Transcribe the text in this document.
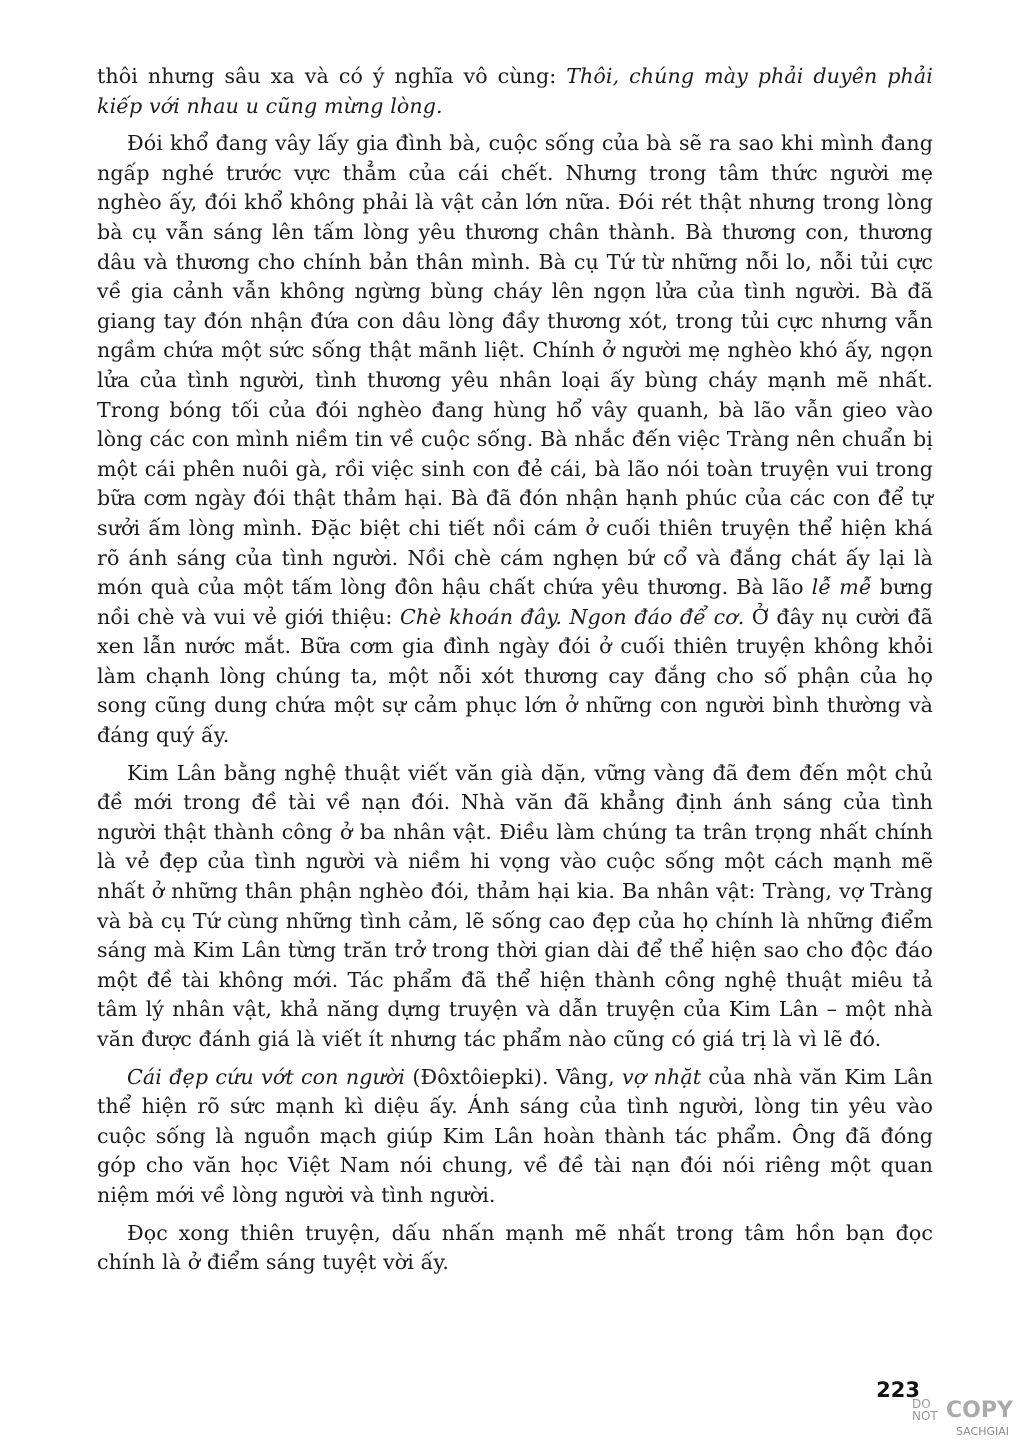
thôi nhưng sâu xa và có ý nghĩa vô cùng: Thôi, chúng mày phải duyên phải kiếp với nhau u cũng mừng lòng.

Đói khổ đang vây lấy gia đình bà, cuộc sống của bà sẽ ra sao khi mình đang ngấp nghé trước vực thẳm của cái chết. Nhưng trong tâm thức người mẹ nghèo ấy, đói khổ không phải là vật cản lớn nữa. Đói rét thật nhưng trong lòng bà cụ vẫn sáng lên tấm lòng yêu thương chân thành. Bà thương con, thương dâu và thương cho chính bản thân mình. Bà cụ Tứ từ những nỗi lo, nỗi tủi cực về gia cảnh vẫn không ngừng bùng cháy lên ngọn lửa của tình người. Bà đã giang tay đón nhận đứa con dâu lòng đầy thương xót, trong tủi cực nhưng vẫn ngầm chứa một sức sống thật mãnh liệt. Chính ở người mẹ nghèo khó ấy, ngọn lửa của tình người, tình thương yêu nhân loại ấy bùng cháy mạnh mẽ nhất. Trong bóng tối của đói nghèo đang hùng hổ vây quanh, bà lão vẫn gieo vào lòng các con mình niềm tin về cuộc sống. Bà nhắc đến việc Tràng nên chuẩn bị một cái phên nuôi gà, rồi việc sinh con đẻ cái, bà lão nói toàn truyện vui trong bữa cơm ngày đói thật thảm hại. Bà đã đón nhận hạnh phúc của các con để tự sưởi ấm lòng mình. Đặc biệt chi tiết nồi cám ở cuối thiên truyện thể hiện khá rõ ánh sáng của tình người. Nồi chè cám nghẹn bứ cổ và đắng chát ấy lại là món quà của một tấm lòng đôn hậu chất chứa yêu thương. Bà lão lễ mễ bưng nồi chè và vui vẻ giới thiệu: Chè khoán đây. Ngon đáo để cơ. Ở đây nụ cười đã xen lẫn nước mắt. Bữa cơm gia đình ngày đói ở cuối thiên truyện không khỏi làm chạnh lòng chúng ta, một nỗi xót thương cay đắng cho số phận của họ song cũng dung chứa một sự cảm phục lớn ở những con người bình thường và đáng quý ấy.

Kim Lân bằng nghệ thuật viết văn già dặn, vững vàng đã đem đến một chủ đề mới trong đề tài về nạn đói. Nhà văn đã khẳng định ánh sáng của tình người thật thành công ở ba nhân vật. Điều làm chúng ta trân trọng nhất chính là vẻ đẹp của tình người và niềm hi vọng vào cuộc sống một cách mạnh mẽ nhất ở những thân phận nghèo đói, thảm hại kia. Ba nhân vật: Tràng, vợ Tràng và bà cụ Tứ cùng những tình cảm, lẽ sống cao đẹp của họ chính là những điểm sáng mà Kim Lân từng trăn trở trong thời gian dài để thể hiện sao cho độc đáo một đề tài không mới. Tác phẩm đã thể hiện thành công nghệ thuật miêu tả tâm lý nhân vật, khả năng dựng truyện và dẫn truyện của Kim Lân – một nhà văn được đánh giá là viết ít nhưng tác phẩm nào cũng có giá trị là vì lẽ đó.

Cái đẹp cứu vớt con người (Đôxtôiepki). Vâng, vợ nhặt của nhà văn Kim Lân thể hiện rõ sức mạnh kì diệu ấy. Ánh sáng của tình người, lòng tin yêu vào cuộc sống là nguồn mạch giúp Kim Lân hoàn thành tác phẩm. Ông đã đóng góp cho văn học Việt Nam nói chung, về đề tài nạn đói nói riêng một quan niệm mới về lòng người và tình người.

Đọc xong thiên truyện, dấu nhấn mạnh mẽ nhất trong tâm hồn bạn đọc chính là ở điểm sáng tuyệt vời ấy.

223
DO
NOT COPY
SACHGIAI
